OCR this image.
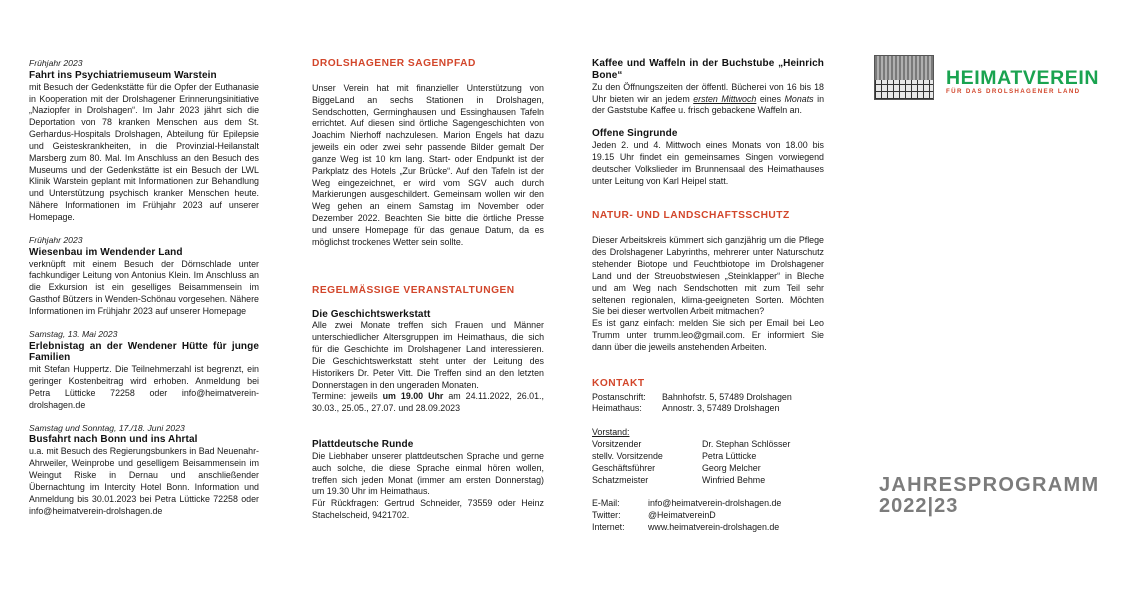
Frühjahr 2023

Fahrt ins Psychiatriemuseum Warstein

mit Besuch der Gedenkstätte für die Opfer der Euthanasie in Kooperation mit der Drolshagener Erinnerungsinitiative „Naziopfer in Drolshagen“. Im Jahr 2023 jährt sich die Deportation von 78 kranken Menschen aus dem St. Gerhardus-Hospitals Drolshagen, Abteilung für Epilepsie und Geisteskrankheiten, in die Provinzial-Heilanstalt Marsberg zum 80. Mal. Im Anschluss an den Besuch des Museums und der Gedenkstätte ist ein Besuch der LWL Klinik Warstein geplant mit Informationen zur Behandlung und Unterstützung psychisch kranker Menschen heute. Nähere Informationen im Frühjahr 2023 auf unserer Homepage.

Frühjahr 2023

Wiesenbau im Wendender Land

verknüpft mit einem Besuch der Dörnschlade unter fachkundiger Leitung von Antonius Klein. Im Anschluss an die Exkursion ist ein geselliges Beisammensein im Gasthof Bützers in Wenden-Schönau vorgesehen. Nähere Informationen im Frühjahr 2023 auf unserer Homepage

Samstag, 13. Mai 2023

Erlebnistag an der Wendener Hütte für junge Familien

mit Stefan Huppertz. Die Teilnehmerzahl ist begrenzt, ein geringer Kostenbeitrag wird erhoben. Anmeldung bei Petra Lütticke 72258 oder info@heimatverein-drolshagen.de

Samstag und Sonntag, 17./18. Juni 2023

Busfahrt nach Bonn und ins Ahrtal

u.a. mit Besuch des Regierungsbunkers in Bad Neuenahr-Ahrweiler, Weinprobe und geselligem Beisammensein im Weingut Riske in Dernau und anschließender Übernachtung im Intercity Hotel Bonn. Information und Anmeldung bis 30.01.2023 bei Petra Lütticke 72258 oder info@heimatverein-drolshagen.de

DROLSHAGENER SAGENPFAD

Unser Verein hat mit finanzieller Unterstützung von BiggeLand an sechs Stationen in Drolshagen, Sendschotten, Germinghausen und Essinghausen Tafeln errichtet. Auf diesen sind örtliche Sagengeschichten von Joachim Nierhoff nachzulesen. Marion Engels hat dazu jeweils ein oder zwei sehr passende Bilder gemalt Der ganze Weg ist 10 km lang. Start- oder Endpunkt ist der Parkplatz des Hotels „Zur Brücke“. Auf den Tafeln ist der Weg eingezeichnet, er wird vom SGV auch durch Markierungen ausgeschildert. Gemeinsam wollen wir den Weg gehen an einem Samstag im November oder Dezember 2022. Beachten Sie bitte die örtliche Presse und unsere Homepage für das genaue Datum, da es möglichst trockenes Wetter sein sollte.

REGELMÄSSIGE VERANSTALTUNGEN

Die Geschichtswerkstatt

Alle zwei Monate treffen sich Frauen und Männer unterschiedlicher Altersgruppen im Heimathaus, die sich für die Geschichte im Drolshagener Land interessieren. Die Geschichtswerkstatt steht unter der Leitung des Historikers Dr. Peter Vitt. Die Treffen sind an den letzten Donnerstagen in den ungeraden Monaten.

Termine: jeweils um 19.00 Uhr am 24.11.2022, 26.01., 30.03., 25.05., 27.07. und 28.09.2023

Plattdeutsche Runde

Die Liebhaber unserer plattdeutschen Sprache und gerne auch solche, die diese Sprache einmal hören wollen, treffen sich jeden Monat (immer am ersten Donnerstag) um 19.30 Uhr im Heimathaus.

Für Rückfragen: Gertrud Schneider, 73559 oder Heinz Stachelscheid, 9421702.

Kaffee und Waffeln in der Buchstube „Heinrich Bone“

Zu den Öffnungszeiten der öffentl. Bücherei von 16 bis 18 Uhr bieten wir an jedem ersten Mittwoch eines Monats in der Gaststube Kaffee u. frisch gebackene Waffeln an.

Offene Singrunde

Jeden 2. und 4. Mittwoch eines Monats von 18.00 bis 19.15 Uhr findet ein gemeinsames Singen vorwiegend deutscher Volkslieder im Brunnensaal des Heimathauses unter Leitung von Karl Heipel statt.

NATUR- UND LANDSCHAFTSSCHUTZ

Dieser Arbeitskreis kümmert sich ganzjährig um die Pflege des Drolshagener Labyrinths, mehrerer unter Naturschutz stehender Biotope und Feuchtbiotope im Drolshagener Land und der Streuobstwiesen „Steinklapper“ in Bleche und am Weg nach Sendschotten mit zum Teil sehr seltenen regionalen, klima-geeigneten Sorten. Möchten Sie bei dieser wertvollen Arbeit mitmachen?

Es ist ganz einfach: melden Sie sich per Email bei Leo Trumm unter trumm.leo@gmail.com. Er informiert Sie dann über die jeweils anstehenden Arbeiten.

KONTAKT

Postanschrift:	Bahnhofstr. 5, 57489 Drolshagen
Heimathaus:	Annostr. 3, 57489 Drolshagen
Vorstand:
Vorsitzender	Dr. Stephan Schlösser
stellv. Vorsitzende	Petra Lütticke
Geschäftsführer	Georg Melcher
Schatzmeister	Winfried Behme
E-Mail:	info@heimatverein-drolshagen.de
Twitter:	@HeimatvereinD
Internet:	www.heimatverein-drolshagen.de
HEIMATVEREIN
FÜR DAS DROLSHAGENER LAND
JAHRESPROGRAMM
2022|23
